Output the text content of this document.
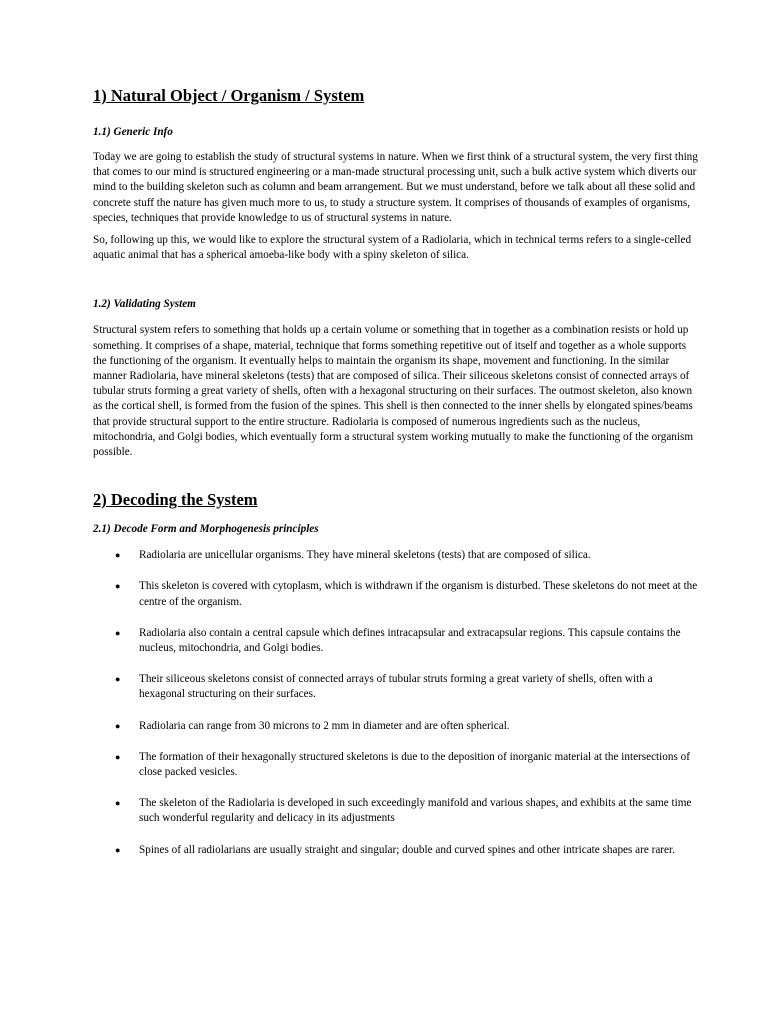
1) Natural Object / Organism / System
1.1) Generic Info

Today we are going to establish the study of structural systems in nature. When we first think of a structural system, the very first thing that comes to our mind is structured engineering or a man-made structural processing unit, such a bulk active system which diverts our mind to the building skeleton such as column and beam arrangement. But we must understand, before we talk about all these solid and concrete stuff the nature has given much more to us, to study a structure system. It comprises of thousands of examples of organisms, species, techniques that provide knowledge to us of structural systems in nature.

So, following up this, we would like to explore the structural system of a Radiolaria, which in technical terms refers to a single-celled aquatic animal that has a spherical amoeba-like body with a spiny skeleton of silica.

1.2) Validating System

Structural system refers to something that holds up a certain volume or something that in together as a combination resists or hold up something. It comprises of a shape, material, technique that forms something repetitive out of itself and together as a whole supports the functioning of the organism. It eventually helps to maintain the organism its shape, movement and functioning. In the similar manner Radiolaria, have mineral skeletons (tests) that are composed of silica. Their siliceous skeletons consist of connected arrays of tubular struts forming a great variety of shells, often with a hexagonal structuring on their surfaces. The outmost skeleton, also known as the cortical shell, is formed from the fusion of the spines. This shell is then connected to the inner shells by elongated spines/beams that provide structural support to the entire structure. Radiolaria is composed of numerous ingredients such as the nucleus, mitochondria, and Golgi bodies, which eventually form a structural system working mutually to make the functioning of the organism possible.

2) Decoding the System
2.1) Decode Form and Morphogenesis principles
● Radiolaria are unicellular organisms. They have mineral skeletons (tests) that are composed of silica.
● This skeleton is covered with cytoplasm, which is withdrawn if the organism is disturbed. These skeletons do not meet at the centre of the organism.
● Radiolaria also contain a central capsule which defines intracapsular and extracapsular regions. This capsule contains the nucleus, mitochondria, and Golgi bodies.
● Their siliceous skeletons consist of connected arrays of tubular struts forming a great variety of shells, often with a hexagonal structuring on their surfaces.
● Radiolaria can range from 30 microns to 2 mm in diameter and are often spherical.
● The formation of their hexagonally structured skeletons is due to the deposition of inorganic material at the intersections of close packed vesicles.
● The skeleton of the Radiolaria is developed in such exceedingly manifold and various shapes, and exhibits at the same time such wonderful regularity and delicacy in its adjustments
● Spines of all radiolarians are usually straight and singular; double and curved spines and other intricate shapes are rarer.
